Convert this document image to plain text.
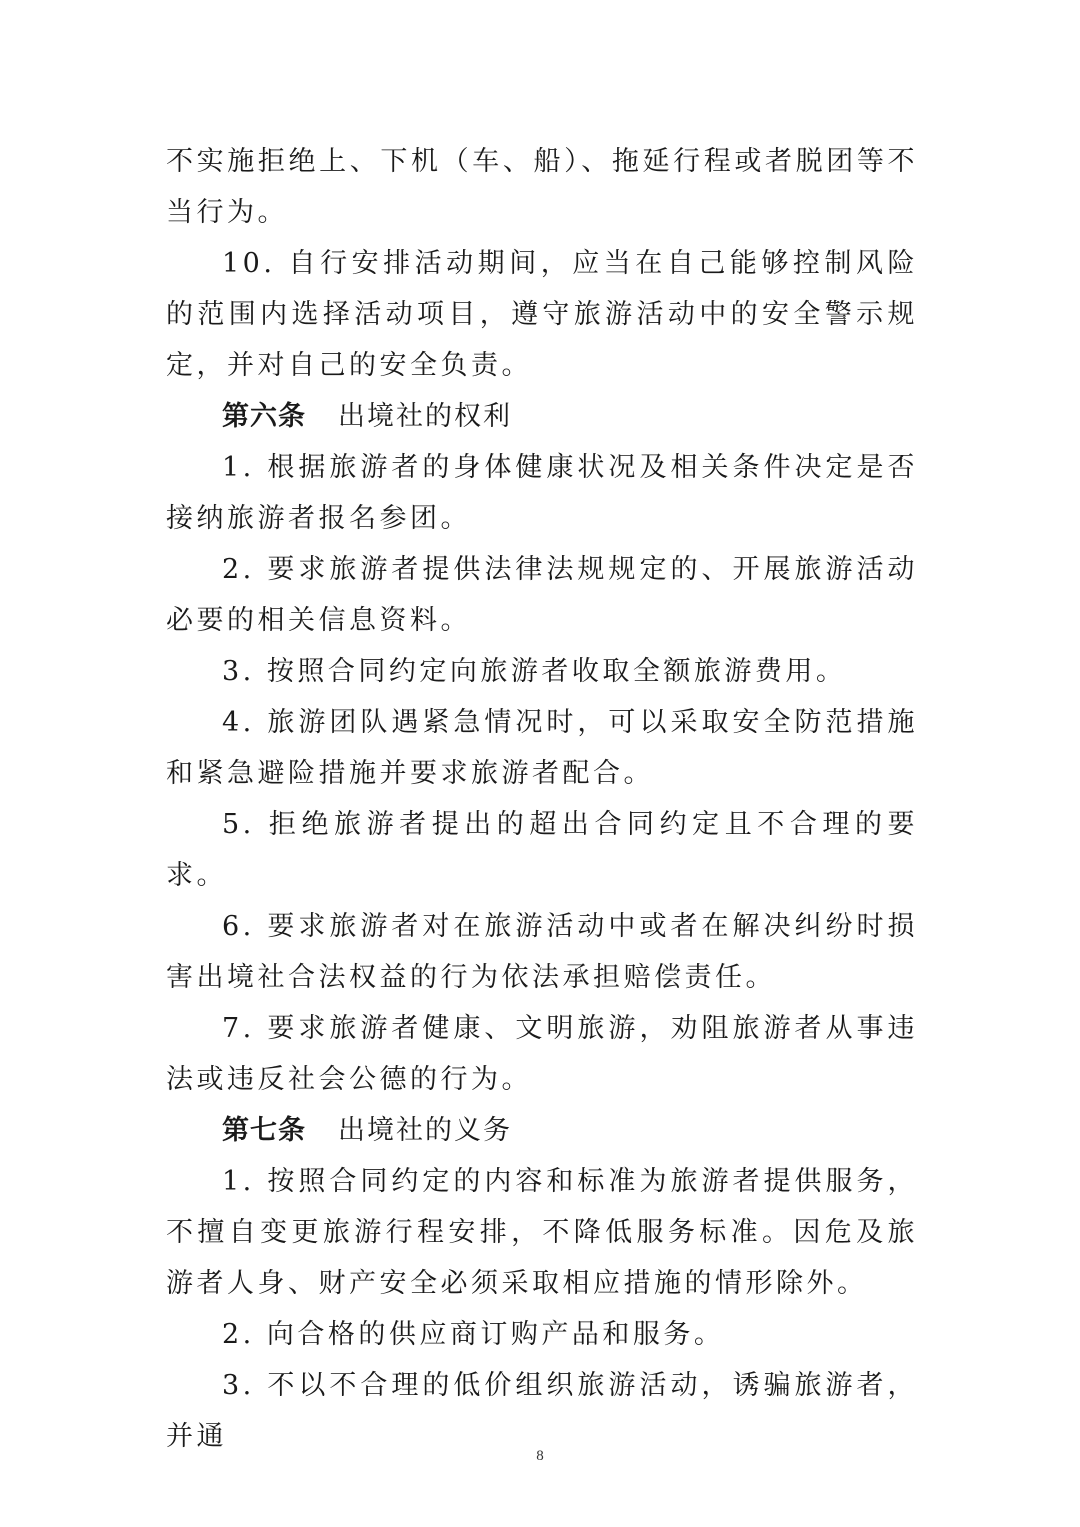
不实施拒绝上、下机（车、船）、拖延行程或者脱团等不当行为。

10. 自行安排活动期间，应当在自己能够控制风险的范围内选择活动项目，遵守旅游活动中的安全警示规定，并对自己的安全负责。

第六条 出境社的权利

1. 根据旅游者的身体健康状况及相关条件决定是否接纳旅游者报名参团。

2. 要求旅游者提供法律法规规定的、开展旅游活动必要的相关信息资料。

3. 按照合同约定向旅游者收取全额旅游费用。

4. 旅游团队遇紧急情况时，可以采取安全防范措施和紧急避险措施并要求旅游者配合。

5. 拒绝旅游者提出的超出合同约定且不合理的要求。

6. 要求旅游者对在旅游活动中或者在解决纠纷时损害出境社合法权益的行为依法承担赔偿责任。

7. 要求旅游者健康、文明旅游，劝阻旅游者从事违法或违反社会公德的行为。

第七条 出境社的义务

1. 按照合同约定的内容和标准为旅游者提供服务，不擅自变更旅游行程安排，不降低服务标准。因危及旅游者人身、财产安全必须采取相应措施的情形除外。

2. 向合格的供应商订购产品和服务。

3. 不以不合理的低价组织旅游活动，诱骗旅游者，并通

8
